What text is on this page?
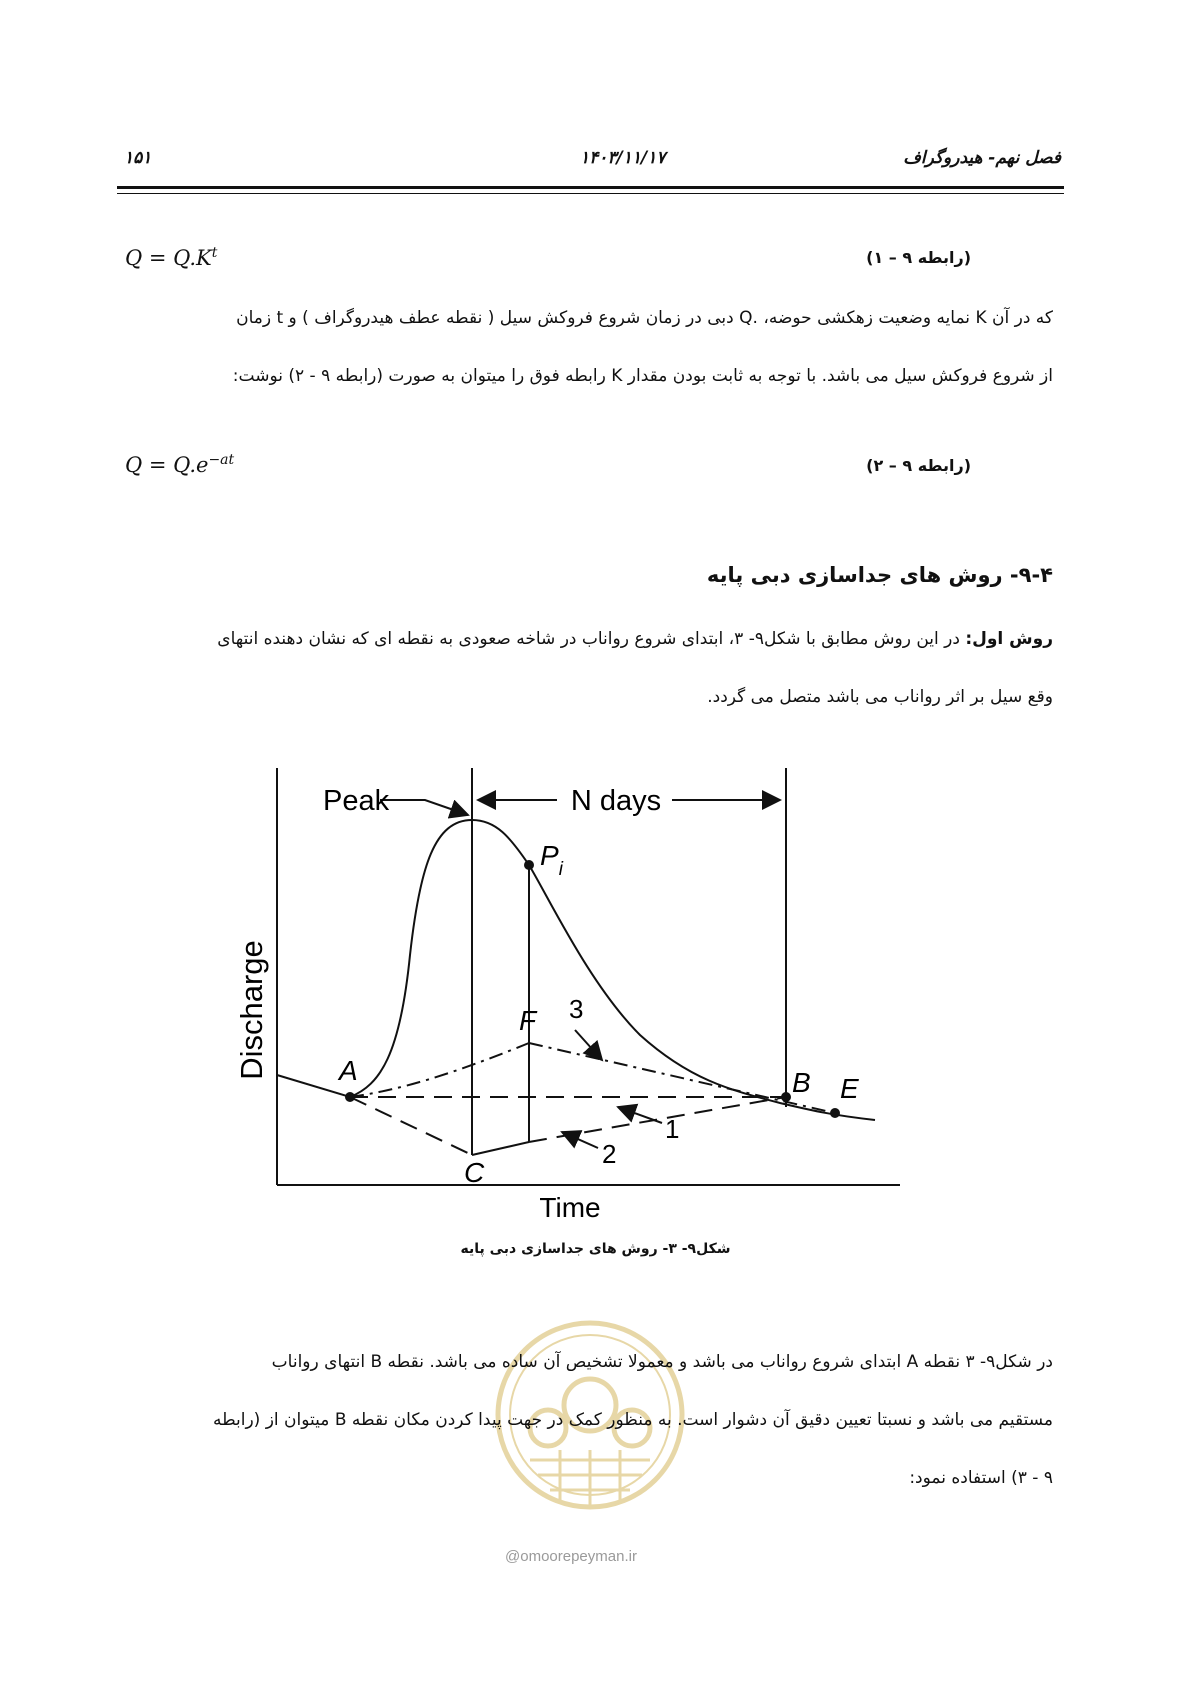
۱۵۱	۱۴۰۳/۱۱/۱۷	فصل نهم- هیدروگراف
$Q = Q.K^t$	(رابطه ۹ – ۱)
که در آن K نمایه وضعیت زهکشی حوضه، .Q دبی در زمان شروع فروکش سیل ( نقطه عطف هیدروگراف ) و t زمان
از شروع فروکش سیل می باشد. با توجه به ثابت بودن مقدار K رابطه فوق را میتوان به صورت (رابطه ۹ - ۲) نوشت:
$Q = Q.e^{-at}$	(رابطه ۹ – ۲)
۹-۴- روش های جداسازی دبی پایه
روش اول: در این روش مطابق با شکل۹- ۳، ابتدای شروع رواناب در شاخه صعودی به نقطه ای که نشان دهنده انتهای
وقع سیل بر اثر رواناب می باشد متصل می گردد.
Discharge
Time
Peak	N days
A	B
C
E
F
$P_i$
3
1
2
شکل۹- ۳- روش های جداسازی دبی پایه
@omoorepeyman.ir
در شکل۹- ۳ نقطه A ابتدای شروع رواناب می باشد و معمولا تشخیص آن ساده می باشد. نقطه B انتهای رواناب
مستقیم می باشد و نسبتا تعیین دقیق آن دشوار است. به منظور کمک در جهت پیدا کردن مکان نقطه B میتوان از (رابطه
۹ - ۳) استفاده نمود:
